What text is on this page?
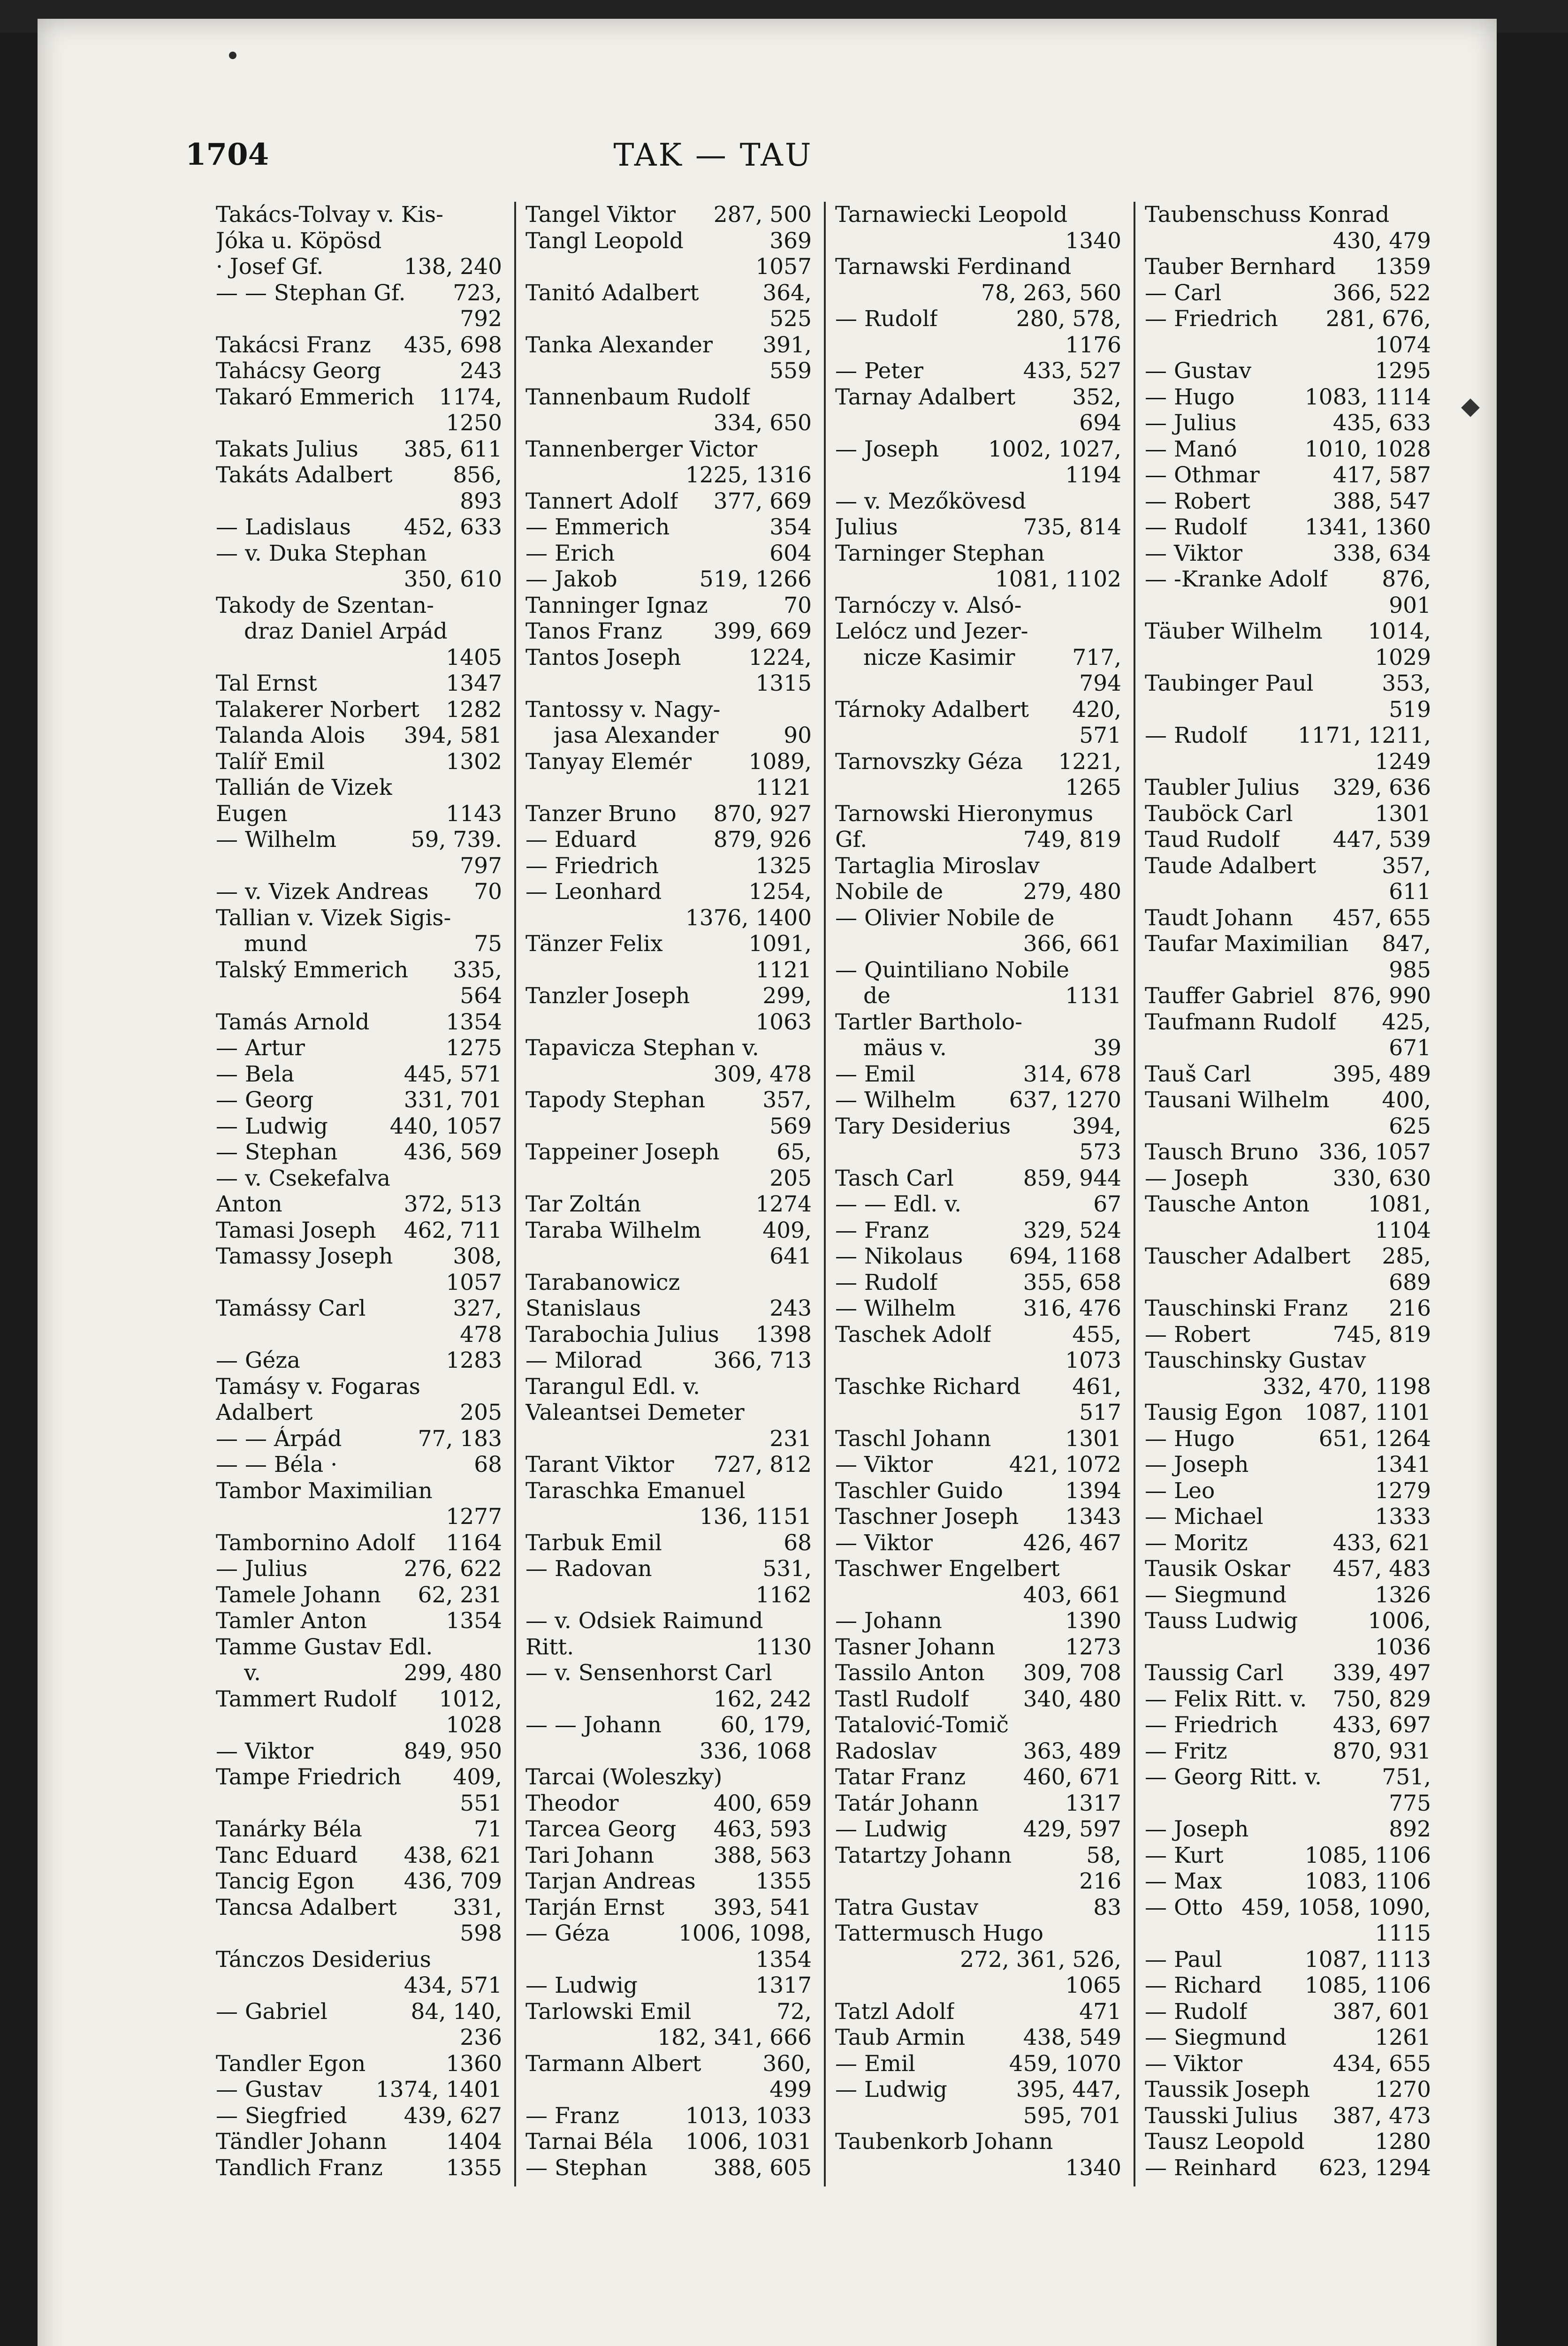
1704	TAK — TAU
Takács-Tolvay v. Kis-
Jóka u. Köpösd
· Josef Gf.	138, 240
— — Stephan Gf. 723,
792
Takácsi Franz 435, 698
Tahácsy Georg	243
Takaró Emmerich 1174,
1250
Takats Julius 385, 611
Takáts Adalbert	856,
893
— Ladislaus 452, 633
— v. Duka Stephan
350, 610
Takody de Szentan-
draz Daniel Arpád
1405
Tal Ernst	1347
Talakerer Norbert 1282
Talanda Alois 394, 581
Talíř Emil	1302
Tallián de Vizek
Eugen	1143
— Wilhelm	59, 739.
797
— v. Vizek Andreas 70
Tallian v. Vizek Sigis-
mund	75
Talský Emmerich 335,
564
Tamás Arnold	1354
— Artur	1275
— Bela	445, 571
— Georg	331, 701
— Ludwig	440, 1057
— Stephan	436, 569
— v. Csekefalva
Anton	372, 513
Tamasi Joseph 462, 711
Tamassy Joseph	308,
1057
Tamássy Carl	327,
478
— Géza	1283
Tamásy v. Fogaras
Adalbert	205
— — Árpád	77, 183
— — Béla ·	68
Tambor Maximilian
1277
Tambornino Adolf 1164
— Julius	276, 622
Tamele Johann 62, 231
Tamler Anton	1354
Tamme Gustav Edl.
v.	299, 480
Tammert Rudolf 1012,
1028
— Viktor	849, 950
Tampe Friedrich 409,
551
Tanárky Béla	71
Tanc Eduard 438, 621
Tancig Egon 436, 709
Tancsa Adalbert	331,
598
Tánczos Desiderius
434, 571
— Gabriel	84, 140,
236
Tandler Egon	1360
— Gustav 1374, 1401
— Siegfried	439, 627
Tändler Johann	1404
Tandlich Franz	1355
Tangel Viktor 287, 500
Tangl Leopold	369
1057
Tanitó Adalbert	364,
525
Tanka Alexander 391,
559
Tannenbaum Rudolf
334, 650
Tannenberger Victor
1225, 1316
Tannert Adolf 377, 669
— Emmerich	354
— Erich	604
— Jakob	519, 1266
Tanninger Ignaz	70
Tanos Franz 399, 669
Tantos Joseph	1224,
1315
Tantossy v. Nagy-
jasa Alexander	90
Tanyay Elemér	1089,
1121
Tanzer Bruno 870, 927
— Eduard	879, 926
— Friedrich	1325
— Leonhard	1254,
1376, 1400
Tänzer Felix	1091,
1121
Tanzler Joseph	299,
1063
Tapavicza Stephan v.
309, 478
Tapody Stephan	357,
569
Tappeiner Joseph	65,
205
Tar Zoltán	1274
Taraba Wilhelm	409,
641
Tarabanowicz
Stanislaus	243
Tarabochia Julius 1398
— Milorad	366, 713
Tarangul Edl. v.
Valeantsei Demeter
231
Tarant Viktor 727, 812
Taraschka Emanuel
136, 1151
Tarbuk Emil	68
— Radovan	531,
1162
— v. Odsiek Raimund
Ritt.	1130
— v. Sensenhorst Carl
162, 242
— — Johann	60, 179,
336, 1068
Tarcai (Woleszky)
Theodor	400, 659
Tarcea Georg 463, 593
Tari Johann	388, 563
Tarjan Andreas	1355
Tarján Ernst 393, 541
— Géza	1006, 1098,
1354
— Ludwig	1317
Tarlowski Emil	72,
182, 341, 666
Tarmann Albert	360,
499
— Franz	1013, 1033
Tarnai Béla 1006, 1031
— Stephan	388, 605
Tarnawiecki Leopold
1340
Tarnawski Ferdinand
78, 263, 560
— Rudolf	280, 578,
1176
— Peter	433, 527
Tarnay Adalbert	352,
694
— Joseph 1002, 1027,
1194
— v. Mezőkövesd
Julius	735, 814
Tarninger Stephan
1081, 1102
Tarnóczy v. Alsó-
Lelócz und Jezer-
nicze Kasimir	717,
794
Tárnoky Adalbert 420,
571
Tarnovszky Géza 1221,
1265
Tarnowski Hieronymus
Gf.	749, 819
Tartaglia Miroslav
Nobile de	279, 480
— Olivier Nobile de
366, 661
— Quintiliano Nobile
de	1131
Tartler Bartholo-
mäus v.	39
— Emil	314, 678
— Wilhelm 637, 1270
Tary Desiderius	394,
573
Tasch Carl	859, 944
— — Edl. v.	67
— Franz	329, 524
— Nikolaus 694, 1168
— Rudolf	355, 658
— Wilhelm	316, 476
Taschek Adolf	455,
1073
Taschke Richard 461,
517
Taschl Johann	1301
— Viktor	421, 1072
Taschler Guido	1394
Taschner Joseph 1343
— Viktor	426, 467
Taschwer Engelbert
403, 661
— Johann	1390
Tasner Johann	1273
Tassilo Anton 309, 708
Tastl Rudolf 340, 480
Tatalović-Tomič
Radoslav	363, 489
Tatar Franz	460, 671
Tatár Johann	1317
— Ludwig	429, 597
Tatartzy Johann	58,
216
Tatra Gustav	83
Tattermusch Hugo
272, 361, 526,
1065
Tatzl Adolf	471
Taub Armin	438, 549
— Emil	459, 1070
— Ludwig	395, 447,
595, 701
Taubenkorb Johann
1340
Taubenschuss Konrad
430, 479
Tauber Bernhard 1359
— Carl	366, 522
— Friedrich 281, 676,
1074
— Gustav	1295
— Hugo	1083, 1114
— Julius	435, 633
— Manó	1010, 1028
— Othmar	417, 587
— Robert	388, 547
— Rudolf	1341, 1360
— Viktor	338, 634
— -Kranke Adolf 876,
901
Täuber Wilhelm 1014,
1029
Taubinger Paul	353,
519
— Rudolf 1171, 1211,
1249
Taubler Julius 329, 636
Tauböck Carl	1301
Taud Rudolf 447, 539
Taude Adalbert	357,
611
Taudt Johann 457, 655
Taufar Maximilian 847,
985
Tauffer Gabriel 876, 990
Taufmann Rudolf 425,
671
Tauš Carl	395, 489
Tausani Wilhelm 400,
625
Tausch Bruno 336, 1057
— Joseph	330, 630
Tausche Anton	1081,
1104
Tauscher Adalbert 285,
689
Tauschinski Franz 216
— Robert	745, 819
Tauschinsky Gustav
332, 470, 1198
Tausig Egon 1087, 1101
— Hugo	651, 1264
— Joseph	1341
— Leo	1279
— Michael	1333
— Moritz	433, 621
Tausik Oskar 457, 483
— Siegmund	1326
Tauss Ludwig	1006,
1036
Taussig Carl 339, 497
— Felix Ritt. v. 750, 829
— Friedrich 433, 697
— Fritz	870, 931
— Georg Ritt. v.	751,
775
— Joseph	892
— Kurt	1085, 1106
— Max	1083, 1106
— Otto 459, 1058, 1090,
1115
— Paul	1087, 1113
— Richard 1085, 1106
— Rudolf	387, 601
— Siegmund	1261
— Viktor	434, 655
Taussik Joseph	1270
Tausski Julius 387, 473
Tausz Leopold	1280
— Reinhard 623, 1294
